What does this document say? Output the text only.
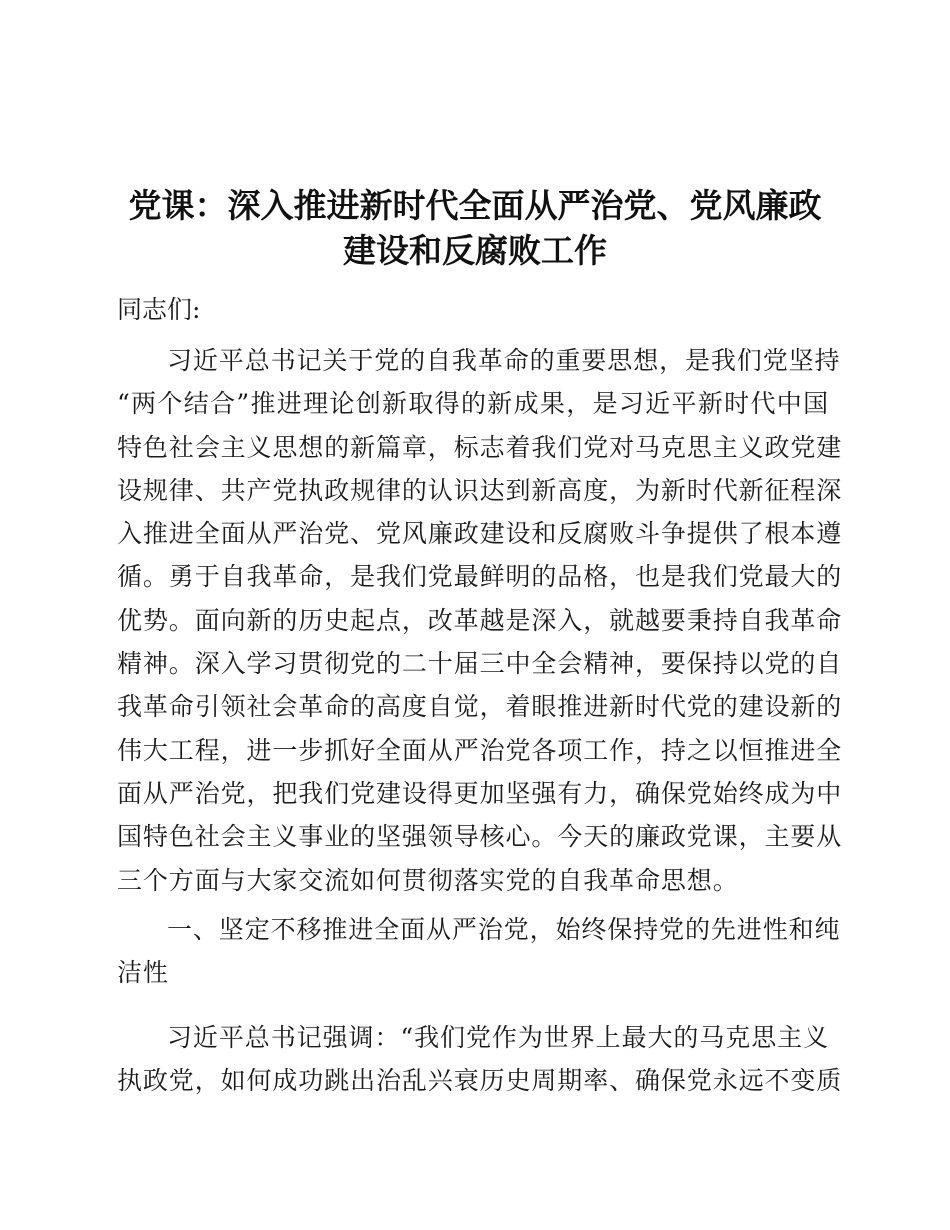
党课：深入推进新时代全面从严治党、党风廉政
建设和反腐败工作
同志们:
习近平总书记关于党的自我革命的重要思想，是我们党坚持
“两个结合”推进理论创新取得的新成果，是习近平新时代中国
特色社会主义思想的新篇章，标志着我们党对马克思主义政党建
设规律、共产党执政规律的认识达到新高度，为新时代新征程深
入推进全面从严治党、党风廉政建设和反腐败斗争提供了根本遵
循。勇于自我革命，是我们党最鲜明的品格，也是我们党最大的
优势。面向新的历史起点，改革越是深入，就越要秉持自我革命
精神。深入学习贯彻党的二十届三中全会精神，要保持以党的自
我革命引领社会革命的高度自觉，着眼推进新时代党的建设新的
伟大工程，进一步抓好全面从严治党各项工作，持之以恒推进全
面从严治党，把我们党建设得更加坚强有力，确保党始终成为中
国特色社会主义事业的坚强领导核心。今天的廉政党课，主要从
三个方面与大家交流如何贯彻落实党的自我革命思想。
一、坚定不移推进全面从严治党，始终保持党的先进性和纯
洁性
习近平总书记强调：“我们党作为世界上最大的马克思主义
执政党，如何成功跳出治乱兴衰历史周期率、确保党永远不变质
